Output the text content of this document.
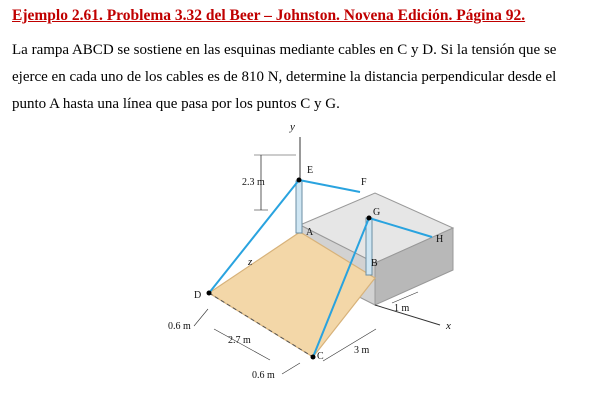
Ejemplo 2.61. Problema 3.32 del Beer – Johnston. Novena Edición. Página 92.
La rampa ABCD se sostiene en las esquinas mediante cables en C y D. Si la tensión que se
ejerce en cada uno de los cables es de 810 N, determine la distancia perpendicular desde el
punto A hasta una línea que pasa por los puntos C y G.
y
x
z
E
F
G
H
A
B
C
D
2.3 m
0.6 m
2.7 m
0.6 m
3 m
1 m
